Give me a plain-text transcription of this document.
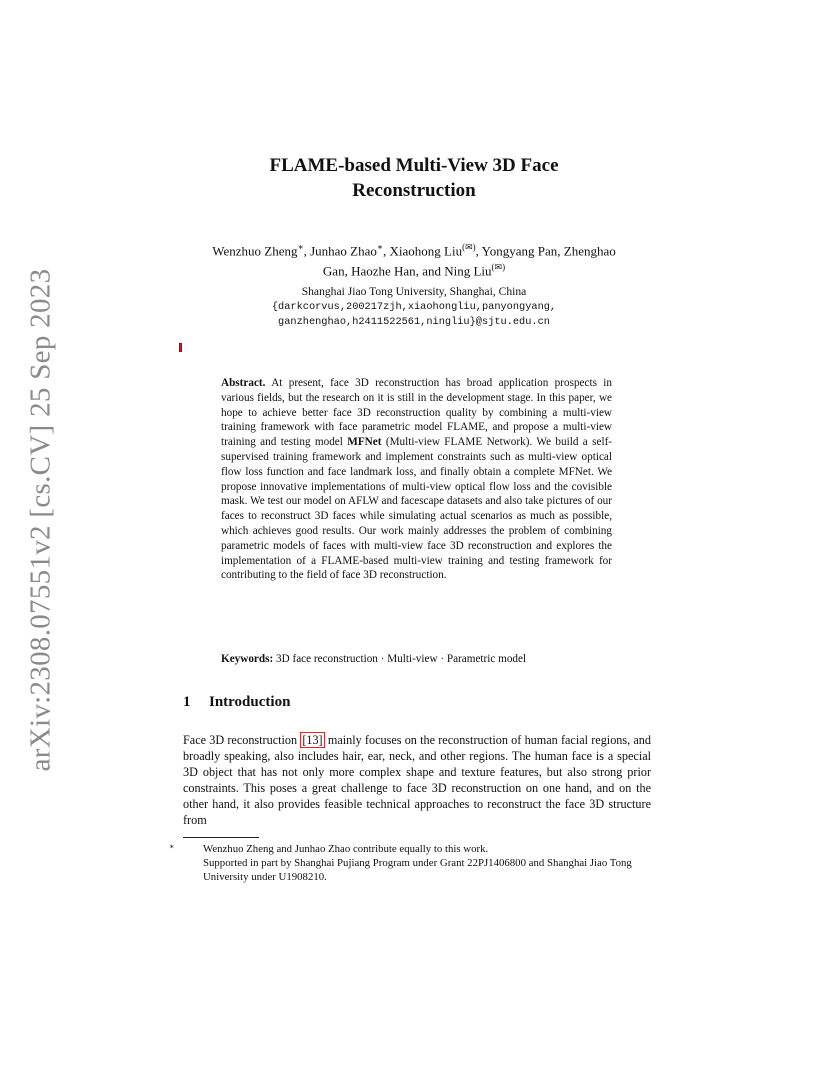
arXiv:2308.07551v2 [cs.CV] 25 Sep 2023
FLAME-based Multi-View 3D Face
Reconstruction
Wenzhuo Zheng∗, Junhao Zhao∗, Xiaohong Liu(✉), Yongyang Pan, Zhenghao
Gan, Haozhe Han, and Ning Liu(✉)
Shanghai Jiao Tong University, Shanghai, China
{darkcorvus,200217zjh,xiaohongliu,panyongyang,
ganzhenghao,h2411522561,ningliu}@sjtu.edu.cn
Abstract. At present, face 3D reconstruction has broad application prospects in various fields, but the research on it is still in the development stage. In this paper, we hope to achieve better face 3D reconstruction quality by combining a multi-view training framework with face parametric model FLAME, and propose a multi-view training and testing model MFNet (Multi-view FLAME Network). We build a self-supervised training framework and implement constraints such as multi-view optical flow loss function and face landmark loss, and finally obtain a complete MFNet. We propose innovative implementations of multi-view optical flow loss and the covisible mask. We test our model on AFLW and facescape datasets and also take pictures of our faces to reconstruct 3D faces while simulating actual scenarios as much as possible, which achieves good results. Our work mainly addresses the problem of combining parametric models of faces with multi-view face 3D reconstruction and explores the implementation of a FLAME-based multi-view training and testing framework for contributing to the field of face 3D reconstruction.
Keywords: 3D face reconstruction · Multi-view · Parametric model
1 Introduction
Face 3D reconstruction [13] mainly focuses on the reconstruction of human facial regions, and broadly speaking, also includes hair, ear, neck, and other regions. The human face is a special 3D object that has not only more complex shape and texture features, but also strong prior constraints. This poses a great challenge to face 3D reconstruction on one hand, and on the other hand, it also provides feasible technical approaches to reconstruct the face 3D structure from
∗	Wenzhuo Zheng and Junhao Zhao contribute equally to this work.
Supported in part by Shanghai Pujiang Program under Grant 22PJ1406800 and Shanghai Jiao Tong University under U1908210.
